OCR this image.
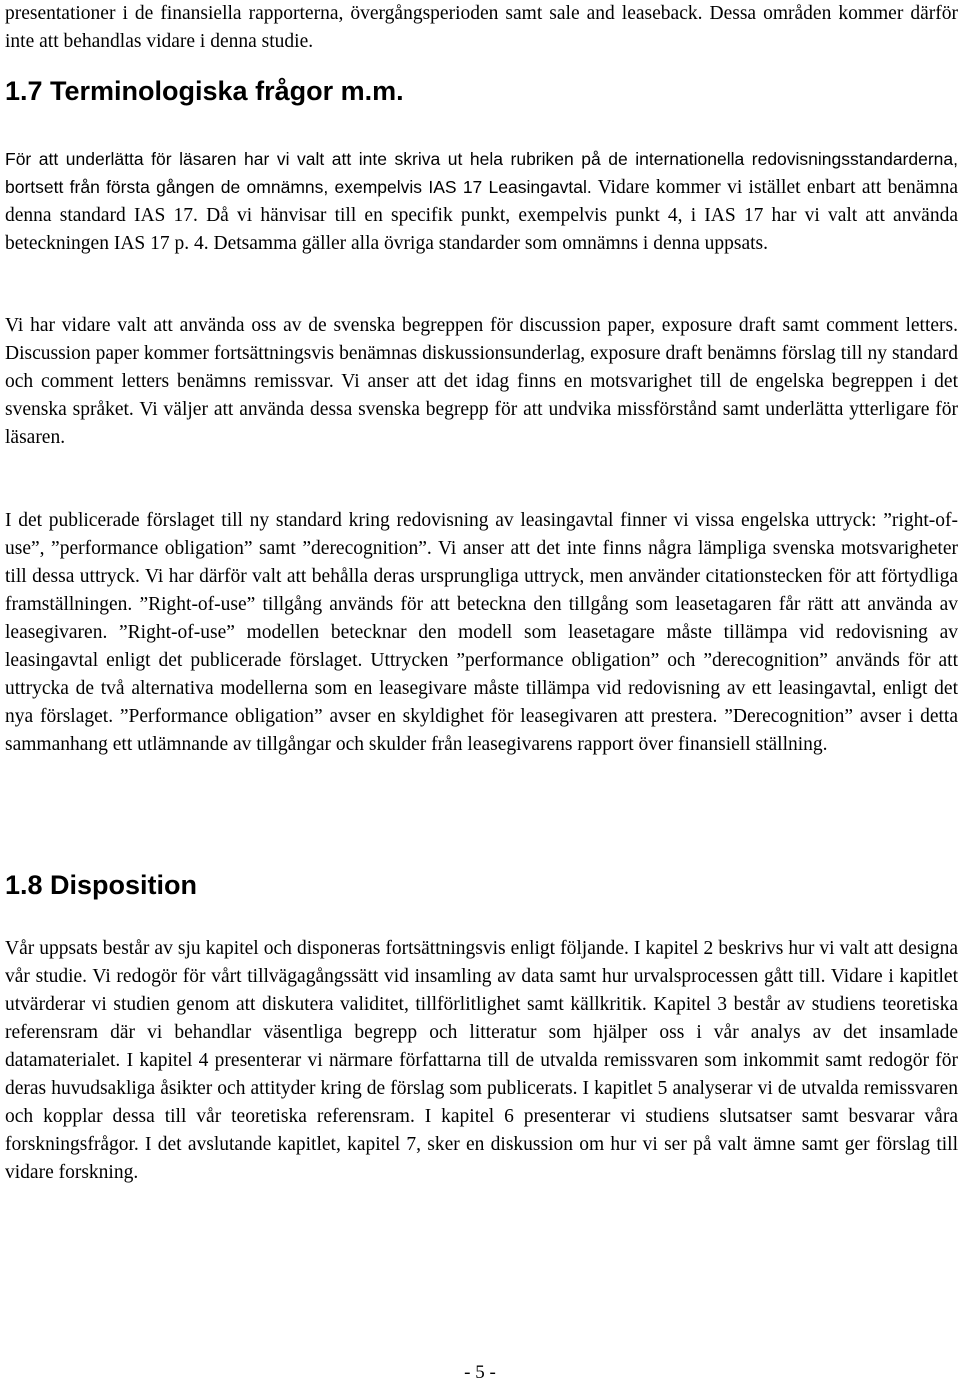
presentationer i de finansiella rapporterna, övergångsperioden samt sale and leaseback. Dessa områden kommer därför inte att behandlas vidare i denna studie.

1.7 Terminologiska frågor m.m.

För att underlätta för läsaren har vi valt att inte skriva ut hela rubriken på de internationella redovisningsstandarderna, bortsett från första gången de omnämns, exempelvis IAS 17 Leasingavtal. Vidare kommer vi istället enbart att benämna denna standard IAS 17. Då vi hänvisar till en specifik punkt, exempelvis punkt 4, i IAS 17 har vi valt att använda beteckningen IAS 17 p. 4. Detsamma gäller alla övriga standarder som omnämns i denna uppsats.

Vi har vidare valt att använda oss av de svenska begreppen för discussion paper, exposure draft samt comment letters. Discussion paper kommer fortsättningsvis benämnas diskussionsunderlag, exposure draft benämns förslag till ny standard och comment letters benämns remissvar. Vi anser att det idag finns en motsvarighet till de engelska begreppen i det svenska språket. Vi väljer att använda dessa svenska begrepp för att undvika missförstånd samt underlätta ytterligare för läsaren.

I det publicerade förslaget till ny standard kring redovisning av leasingavtal finner vi vissa engelska uttryck: ”right-of-use”, ”performance obligation” samt ”derecognition”. Vi anser att det inte finns några lämpliga svenska motsvarigheter till dessa uttryck. Vi har därför valt att behålla deras ursprungliga uttryck, men använder citationstecken för att förtydliga framställningen. ”Right-of-use” tillgång används för att beteckna den tillgång som leasetagaren får rätt att använda av leasegivaren. ”Right-of-use” modellen betecknar den modell som leasetagare måste tillämpa vid redovisning av leasingavtal enligt det publicerade förslaget. Uttrycken ”performance obligation” och ”derecognition” används för att uttrycka de två alternativa modellerna som en leasegivare måste tillämpa vid redovisning av ett leasingavtal, enligt det nya förslaget. ”Performance obligation” avser en skyldighet för leasegivaren att prestera. ”Derecognition” avser i detta sammanhang ett utlämnande av tillgångar och skulder från leasegivarens rapport över finansiell ställning.

1.8 Disposition

Vår uppsats består av sju kapitel och disponeras fortsättningsvis enligt följande. I kapitel 2 beskrivs hur vi valt att designa vår studie. Vi redogör för vårt tillvägagångssätt vid insamling av data samt hur urvalsprocessen gått till. Vidare i kapitlet utvärderar vi studien genom att diskutera validitet, tillförlitlighet samt källkritik. Kapitel 3 består av studiens teoretiska referensram där vi behandlar väsentliga begrepp och litteratur som hjälper oss i vår analys av det insamlade datamaterialet. I kapitel 4 presenterar vi närmare författarna till de utvalda remissvaren som inkommit samt redogör för deras huvudsakliga åsikter och attityder kring de förslag som publicerats. I kapitlet 5 analyserar vi de utvalda remissvaren och kopplar dessa till vår teoretiska referensram. I kapitel 6 presenterar vi studiens slutsatser samt besvarar våra forskningsfrågor. I det avslutande kapitlet, kapitel 7, sker en diskussion om hur vi ser på valt ämne samt ger förslag till vidare forskning.

- 5 -
